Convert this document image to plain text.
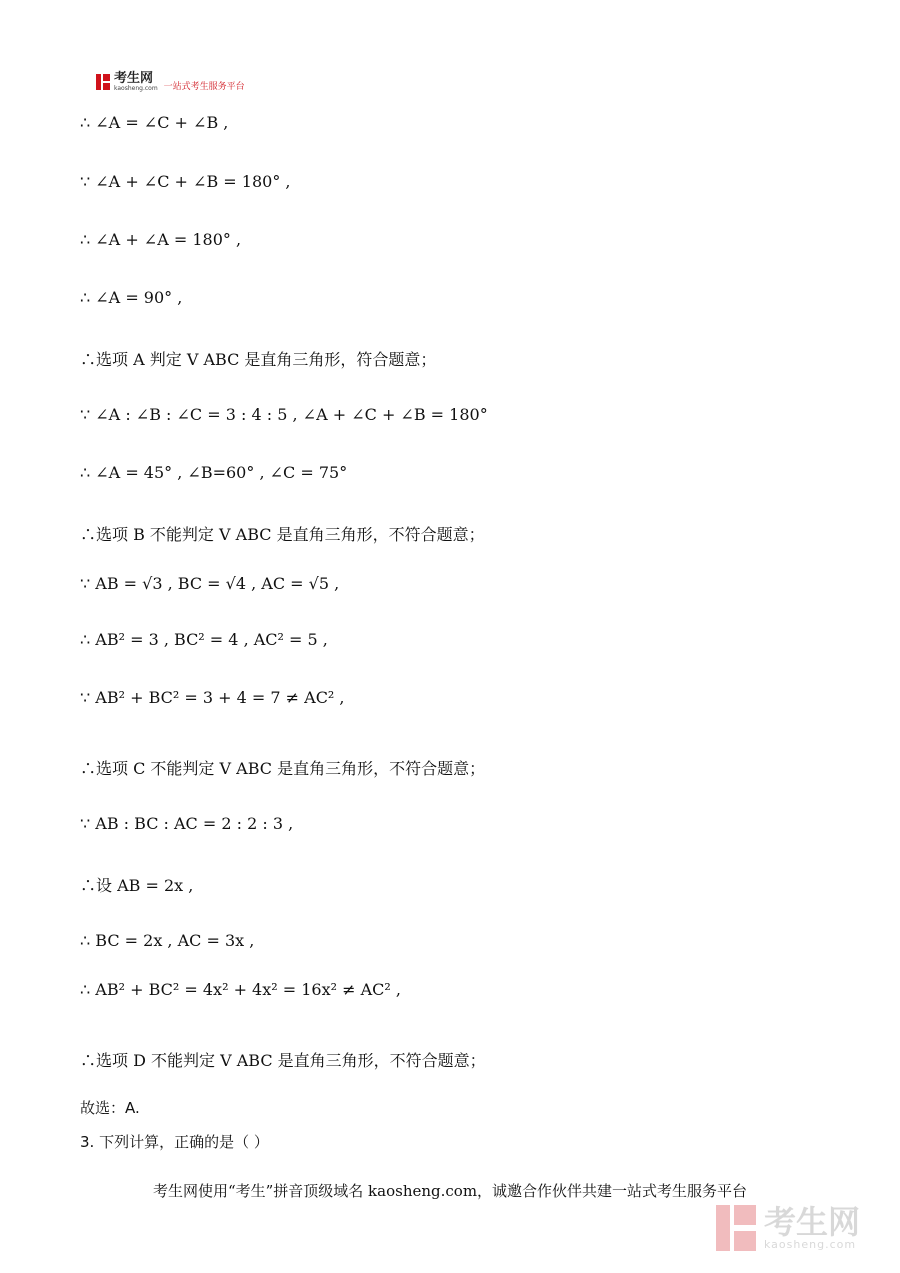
考生网
kaosheng.com 一站式考生服务平台
∴ ∠A = ∠C + ∠B ,
∵ ∠A + ∠C + ∠B = 180° ,
∴ ∠A + ∠A = 180° ,
∴ ∠A = 90° ,
∴选项 A 判定 V ABC 是直角三角形，符合题意；
∵ ∠A : ∠B : ∠C = 3 : 4 : 5 , ∠A + ∠C + ∠B = 180°
∴ ∠A = 45° , ∠B=60° , ∠C = 75°
∴选项 B 不能判定 V ABC 是直角三角形，不符合题意；
∵ AB = √3 , BC = √4 , AC = √5 ,
∴ AB² = 3 , BC² = 4 , AC² = 5 ,
∵ AB² + BC² = 3 + 4 = 7 ≠ AC² ,
∴选项 C 不能判定 V ABC 是直角三角形，不符合题意；
∵ AB : BC : AC = 2 : 2 : 3 ,
∴设 AB = 2x ,
∴ BC = 2x , AC = 3x ,
∴ AB² + BC² = 4x² + 4x² = 16x² ≠ AC² ,
∴选项 D 不能判定 V ABC 是直角三角形，不符合题意；
故选：A.
3. 下列计算，正确的是（ ）
考生网使用“考生”拼音顶级域名 kaosheng.com，诚邀合作伙伴共建一站式考生服务平台
考生网
kaosheng.com
